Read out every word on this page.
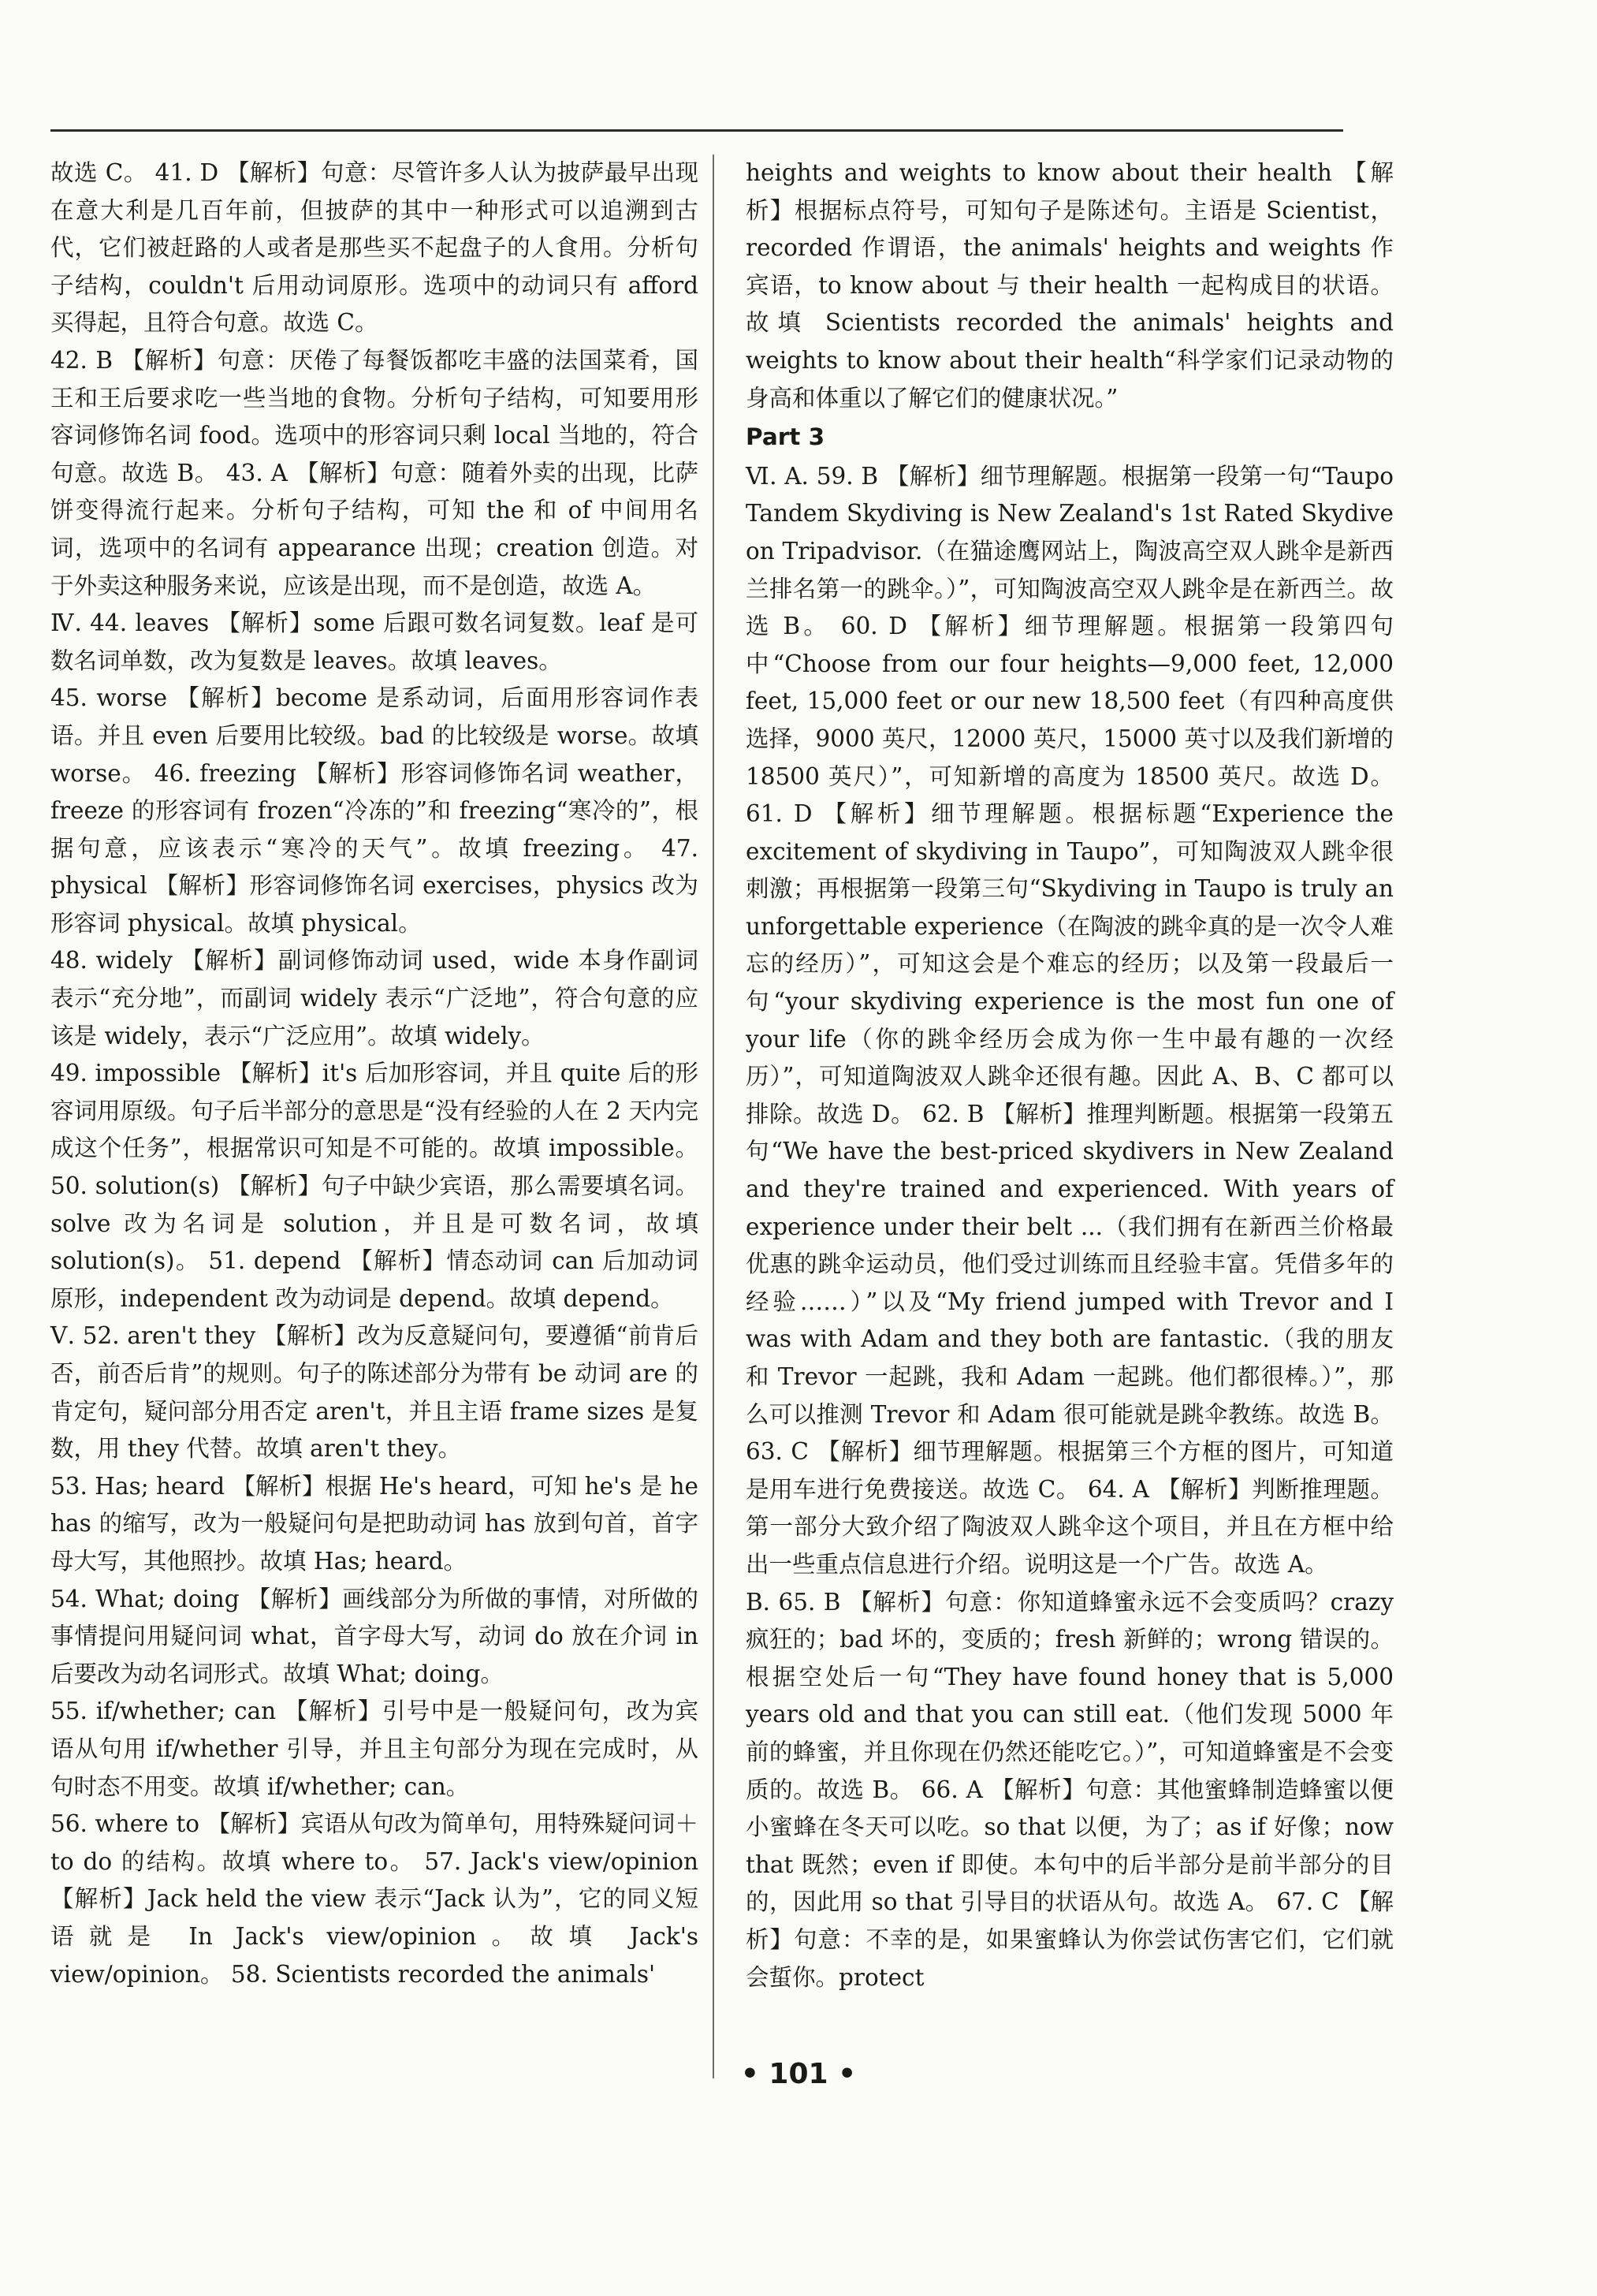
故选 C。 41. D 【解析】句意：尽管许多人认为披萨最早出现在意大利是几百年前，但披萨的其中一种形式可以追溯到古代，它们被赶路的人或者是那些买不起盘子的人食用。分析句子结构，couldn't 后用动词原形。选项中的动词只有 afford 买得起，且符合句意。故选 C。

42. B 【解析】句意：厌倦了每餐饭都吃丰盛的法国菜肴，国王和王后要求吃一些当地的食物。分析句子结构，可知要用形容词修饰名词 food。选项中的形容词只剩 local 当地的，符合句意。故选 B。 43. A 【解析】句意：随着外卖的出现，比萨饼变得流行起来。分析句子结构，可知 the 和 of 中间用名词，选项中的名词有 appearance 出现；creation 创造。对于外卖这种服务来说，应该是出现，而不是创造，故选 A。

Ⅳ. 44. leaves 【解析】some 后跟可数名词复数。leaf 是可数名词单数，改为复数是 leaves。故填 leaves。

45. worse 【解析】become 是系动词，后面用形容词作表语。并且 even 后要用比较级。bad 的比较级是 worse。故填 worse。 46. freezing 【解析】形容词修饰名词 weather，freeze 的形容词有 frozen“冷冻的”和 freezing“寒冷的”，根据句意，应该表示“寒冷的天气”。故填 freezing。 47. physical 【解析】形容词修饰名词 exercises，physics 改为形容词 physical。故填 physical。

48. widely 【解析】副词修饰动词 used，wide 本身作副词表示“充分地”，而副词 widely 表示“广泛地”，符合句意的应该是 widely，表示“广泛应用”。故填 widely。

49. impossible 【解析】it's 后加形容词，并且 quite 后的形容词用原级。句子后半部分的意思是“没有经验的人在 2 天内完成这个任务”，根据常识可知是不可能的。故填 impossible。 50. solution(s) 【解析】句子中缺少宾语，那么需要填名词。solve 改为名词是 solution，并且是可数名词，故填 solution(s)。 51. depend 【解析】情态动词 can 后加动词原形，independent 改为动词是 depend。故填 depend。

Ⅴ. 52. aren't they 【解析】改为反意疑问句，要遵循“前肯后否，前否后肯”的规则。句子的陈述部分为带有 be 动词 are 的肯定句，疑问部分用否定 aren't，并且主语 frame sizes 是复数，用 they 代替。故填 aren't they。

53. Has; heard 【解析】根据 He's heard，可知 he's 是 he has 的缩写，改为一般疑问句是把助动词 has 放到句首，首字母大写，其他照抄。故填 Has; heard。

54. What; doing 【解析】画线部分为所做的事情，对所做的事情提问用疑问词 what，首字母大写，动词 do 放在介词 in 后要改为动名词形式。故填 What; doing。

55. if/whether; can 【解析】引号中是一般疑问句，改为宾语从句用 if/whether 引导，并且主句部分为现在完成时，从句时态不用变。故填 if/whether; can。

56. where to 【解析】宾语从句改为简单句，用特殊疑问词＋to do 的结构。故填 where to。 57. Jack's view/opinion 【解析】Jack held the view 表示“Jack 认为”，它的同义短语就是 In Jack's view/opinion。故填 Jack's view/opinion。 58. Scientists recorded the animals'

heights and weights to know about their health 【解析】根据标点符号，可知句子是陈述句。主语是 Scientist，recorded 作谓语，the animals' heights and weights 作宾语，to know about 与 their health 一起构成目的状语。故填 Scientists recorded the animals' heights and weights to know about their health“科学家们记录动物的身高和体重以了解它们的健康状况。”

Part 3

Ⅵ. A. 59. B 【解析】细节理解题。根据第一段第一句“Taupo Tandem Skydiving is New Zealand's 1st Rated Skydive on Tripadvisor.（在猫途鹰网站上，陶波高空双人跳伞是新西兰排名第一的跳伞。）”，可知陶波高空双人跳伞是在新西兰。故选 B。 60. D 【解析】细节理解题。根据第一段第四句中“Choose from our four heights—9,000 feet, 12,000 feet, 15,000 feet or our new 18,500 feet（有四种高度供选择，9000 英尺，12000 英尺，15000 英寸以及我们新增的 18500 英尺）”，可知新增的高度为 18500 英尺。故选 D。 61. D 【解析】细节理解题。根据标题“Experience the excitement of skydiving in Taupo”，可知陶波双人跳伞很刺激；再根据第一段第三句“Skydiving in Taupo is truly an unforgettable experience（在陶波的跳伞真的是一次令人难忘的经历）”，可知这会是个难忘的经历；以及第一段最后一句“your skydiving experience is the most fun one of your life（你的跳伞经历会成为你一生中最有趣的一次经历）”，可知道陶波双人跳伞还很有趣。因此 A、B、C 都可以排除。故选 D。 62. B 【解析】推理判断题。根据第一段第五句“We have the best-priced skydivers in New Zealand and they're trained and experienced. With years of experience under their belt ...（我们拥有在新西兰价格最优惠的跳伞运动员，他们受过训练而且经验丰富。凭借多年的经验……）”以及“My friend jumped with Trevor and I was with Adam and they both are fantastic.（我的朋友和 Trevor 一起跳，我和 Adam 一起跳。他们都很棒。）”，那么可以推测 Trevor 和 Adam 很可能就是跳伞教练。故选 B。 63. C 【解析】细节理解题。根据第三个方框的图片，可知道是用车进行免费接送。故选 C。 64. A 【解析】判断推理题。第一部分大致介绍了陶波双人跳伞这个项目，并且在方框中给出一些重点信息进行介绍。说明这是一个广告。故选 A。

B. 65. B 【解析】句意：你知道蜂蜜永远不会变质吗？crazy 疯狂的；bad 坏的，变质的；fresh 新鲜的；wrong 错误的。根据空处后一句“They have found honey that is 5,000 years old and that you can still eat.（他们发现 5000 年前的蜂蜜，并且你现在仍然还能吃它。）”，可知道蜂蜜是不会变质的。故选 B。 66. A 【解析】句意：其他蜜蜂制造蜂蜜以便小蜜蜂在冬天可以吃。so that 以便，为了；as if 好像；now that 既然；even if 即使。本句中的后半部分是前半部分的目的，因此用 so that 引导目的状语从句。故选 A。 67. C 【解析】句意：不幸的是，如果蜜蜂认为你尝试伤害它们，它们就会蜇你。protect

• 101 •
